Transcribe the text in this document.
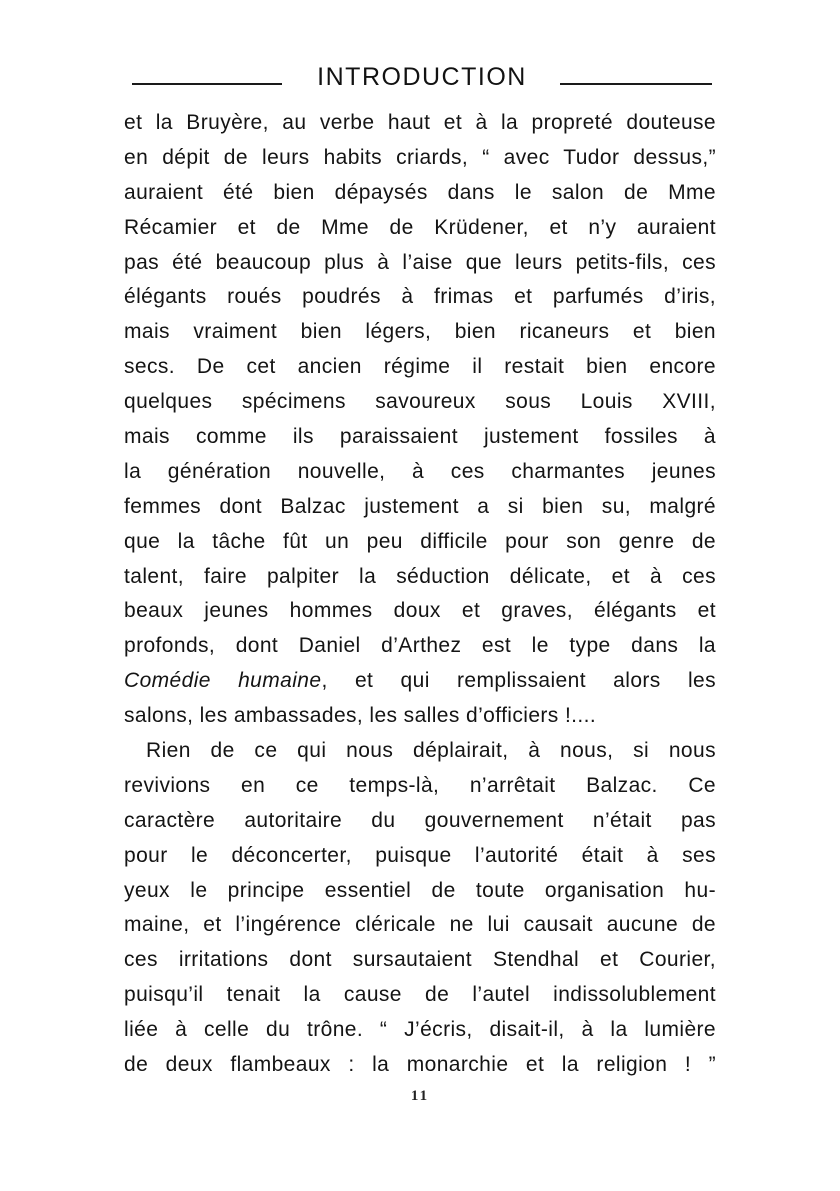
INTRODUCTION
et la Bruyère, au verbe haut et à la propreté douteuse
en dépit de leurs habits criards, “ avec Tudor dessus,”
auraient été bien dépaysés dans le salon de Mme
Récamier et de Mme de Krüdener, et n’y auraient
pas été beaucoup plus à l’aise que leurs petits-fils, ces
élégants roués poudrés à frimas et parfumés d’iris,
mais vraiment bien légers, bien ricaneurs et bien
secs. De cet ancien régime il restait bien encore
quelques spécimens savoureux sous Louis XVIII,
mais comme ils paraissaient justement fossiles à
la génération nouvelle, à ces charmantes jeunes
femmes dont Balzac justement a si bien su, malgré
que la tâche fût un peu difficile pour son genre de
talent, faire palpiter la séduction délicate, et à ces
beaux jeunes hommes doux et graves, élégants et
profonds, dont Daniel d’Arthez est le type dans la
Comédie humaine, et qui remplissaient alors les
salons, les ambassades, les salles d’officiers !....
Rien de ce qui nous déplairait, à nous, si nous
revivions en ce temps-là, n’arrêtait Balzac. Ce
caractère autoritaire du gouvernement n’était pas
pour le déconcerter, puisque l’autorité était à ses
yeux le principe essentiel de toute organisation hu-
maine, et l’ingérence cléricale ne lui causait aucune de
ces irritations dont sursautaient Stendhal et Courier,
puisqu’il tenait la cause de l’autel indissolublement
liée à celle du trône. “ J’écris, disait-il, à la lumière
de deux flambeaux : la monarchie et la religion ! ”
11
